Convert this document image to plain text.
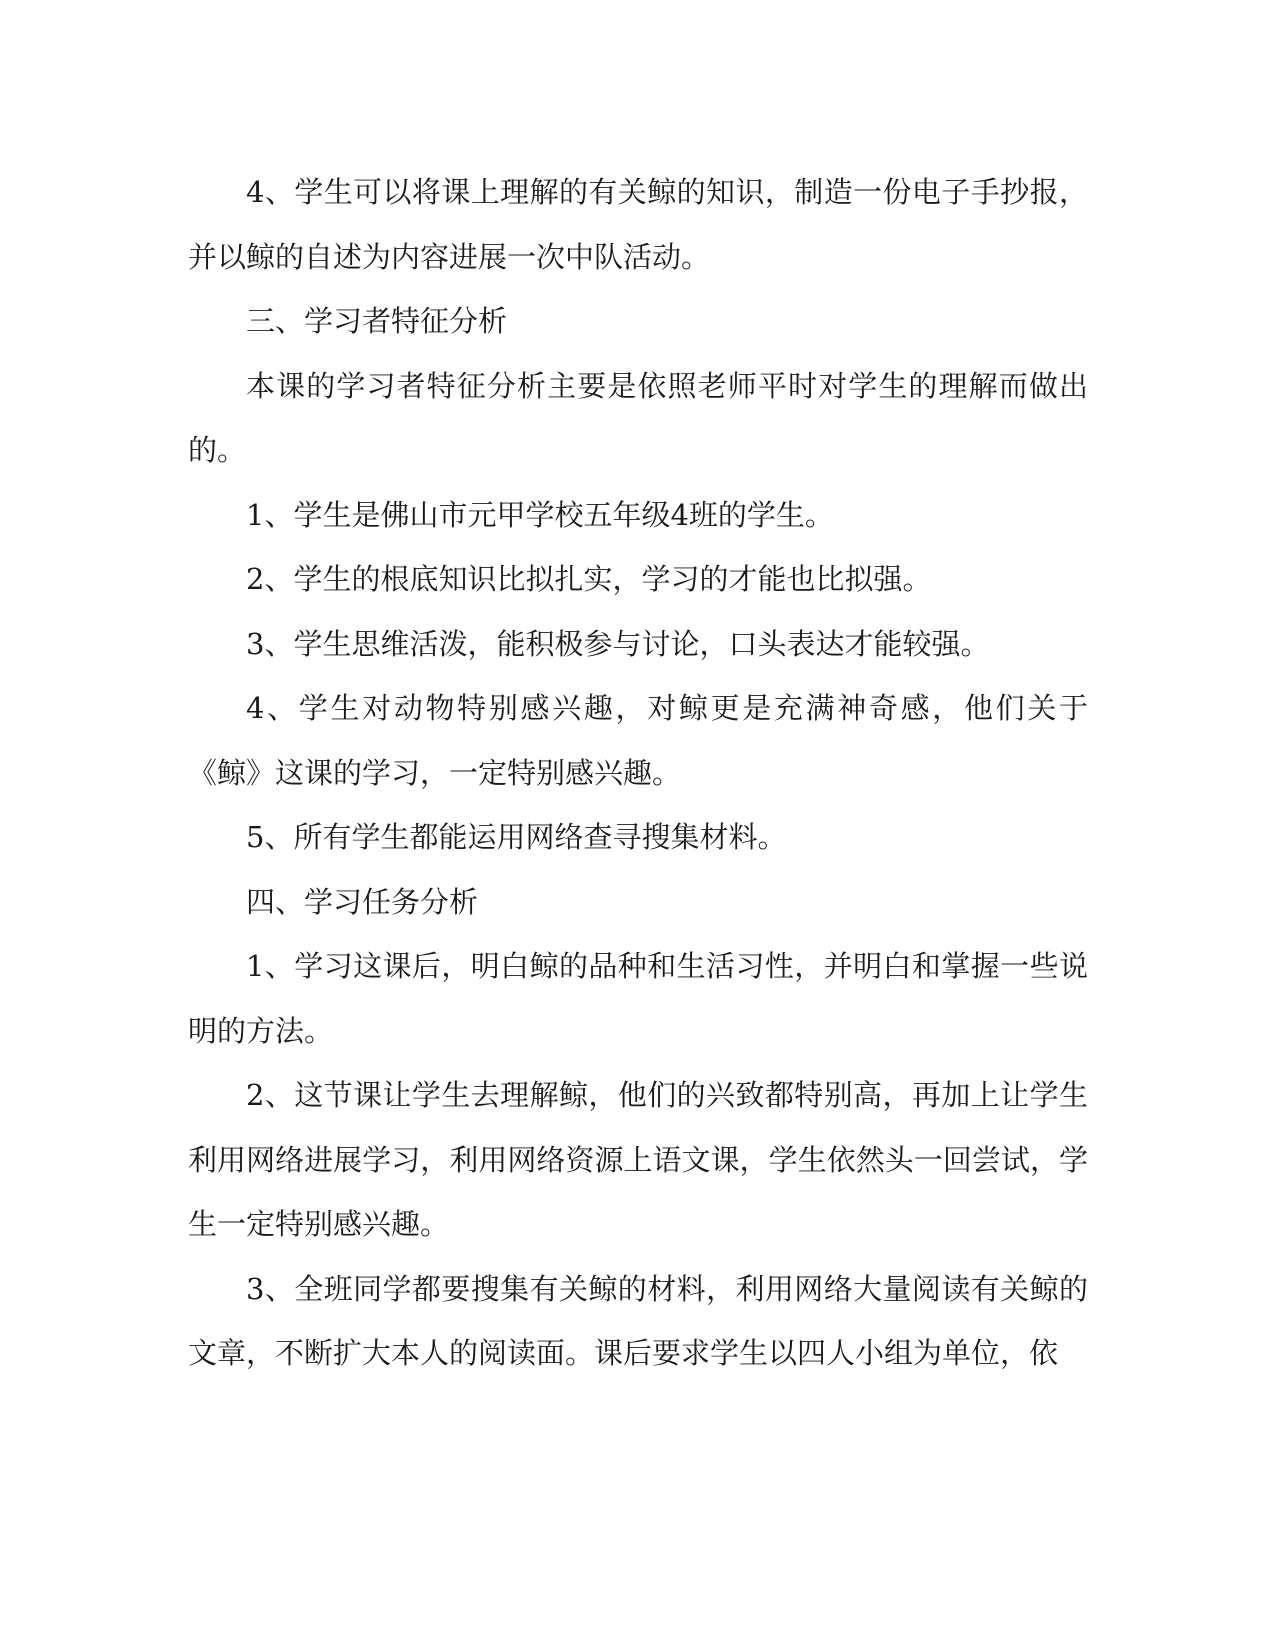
4、学生可以将课上理解的有关鲸的知识，制造一份电子手抄报，并以鲸的自述为内容进展一次中队活动。

三、学习者特征分析

本课的学习者特征分析主要是依照老师平时对学生的理解而做出的。

1、学生是佛山市元甲学校五年级4班的学生。

2、学生的根底知识比拟扎实，学习的才能也比拟强。

3、学生思维活泼，能积极参与讨论，口头表达才能较强。

4、学生对动物特别感兴趣，对鲸更是充满神奇感，他们关于《鲸》这课的学习，一定特别感兴趣。

5、所有学生都能运用网络查寻搜集材料。

四、学习任务分析

1、学习这课后，明白鲸的品种和生活习性，并明白和掌握一些说明的方法。

2、这节课让学生去理解鲸，他们的兴致都特别高，再加上让学生利用网络进展学习，利用网络资源上语文课，学生依然头一回尝试，学生一定特别感兴趣。

3、全班同学都要搜集有关鲸的材料，利用网络大量阅读有关鲸的文章，不断扩大本人的阅读面。课后要求学生以四人小组为单位，依
